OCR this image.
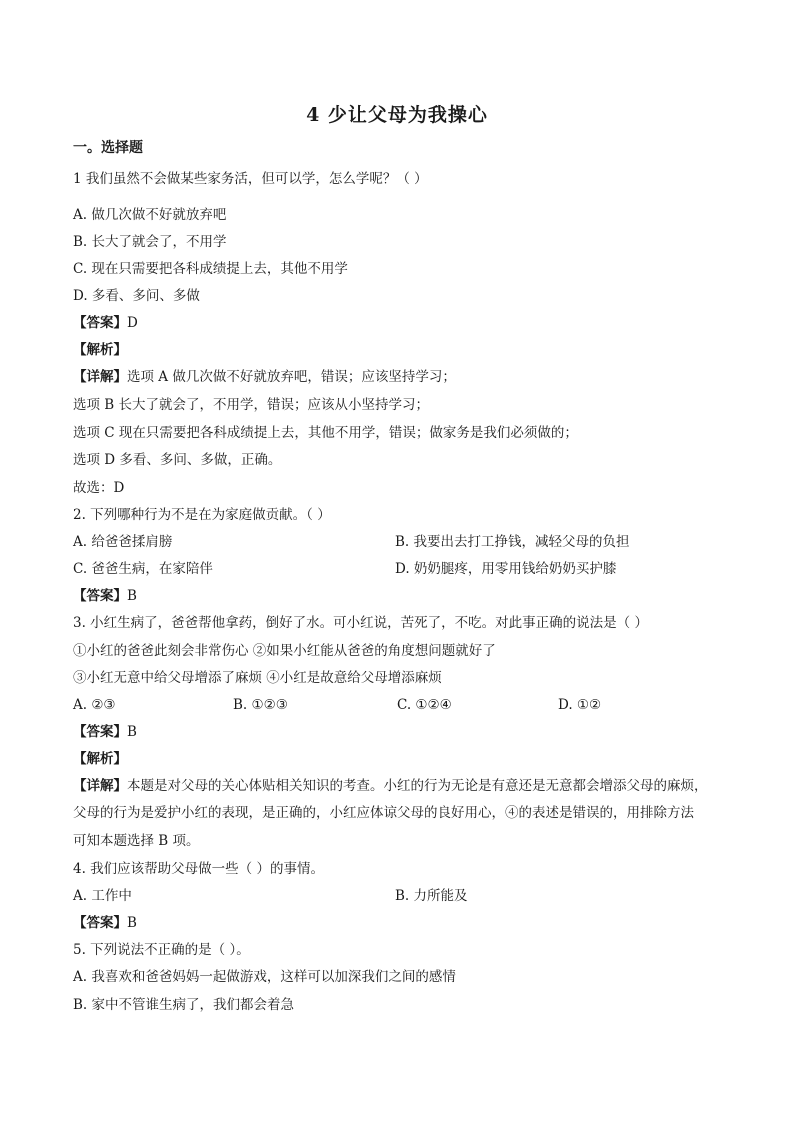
4 少让父母为我操心
一。选择题
1 我们虽然不会做某些家务活，但可以学，怎么学呢？（ ）
A. 做几次做不好就放弃吧
B. 长大了就会了，不用学
C. 现在只需要把各科成绩提上去，其他不用学
D. 多看、多问、多做
【答案】D
【解析】
【详解】选项 A 做几次做不好就放弃吧，错误；应该坚持学习；
选项 B 长大了就会了，不用学，错误；应该从小坚持学习；
选项 C 现在只需要把各科成绩提上去，其他不用学，错误；做家务是我们必须做的；
选项 D 多看、多问、多做，正确。
故选：D
2. 下列哪种行为不是在为家庭做贡献。（ ）
A. 给爸爸揉肩膀	B. 我要出去打工挣钱，减轻父母的负担
C. 爸爸生病，在家陪伴	D. 奶奶腿疼，用零用钱给奶奶买护膝
【答案】B
3. 小红生病了，爸爸帮他拿药，倒好了水。可小红说，苦死了，不吃。对此事正确的说法是（ ）
①小红的爸爸此刻会非常伤心 ②如果小红能从爸爸的角度想问题就好了
③小红无意中给父母增添了麻烦 ④小红是故意给父母增添麻烦
A. ②③	B. ①②③	C. ①②④	D. ①②
【答案】B
【解析】
【详解】本题是对父母的关心体贴相关知识的考查。小红的行为无论是有意还是无意都会增添父母的麻烦，
父母的行为是爱护小红的表现，是正确的，小红应体谅父母的良好用心，④的表述是错误的，用排除方法
可知本题选择 B 项。
4. 我们应该帮助父母做一些（ ）的事情。
A. 工作中	B. 力所能及
【答案】B
5. 下列说法不正确的是（ ）。
A. 我喜欢和爸爸妈妈一起做游戏，这样可以加深我们之间的感情
B. 家中不管谁生病了，我们都会着急
